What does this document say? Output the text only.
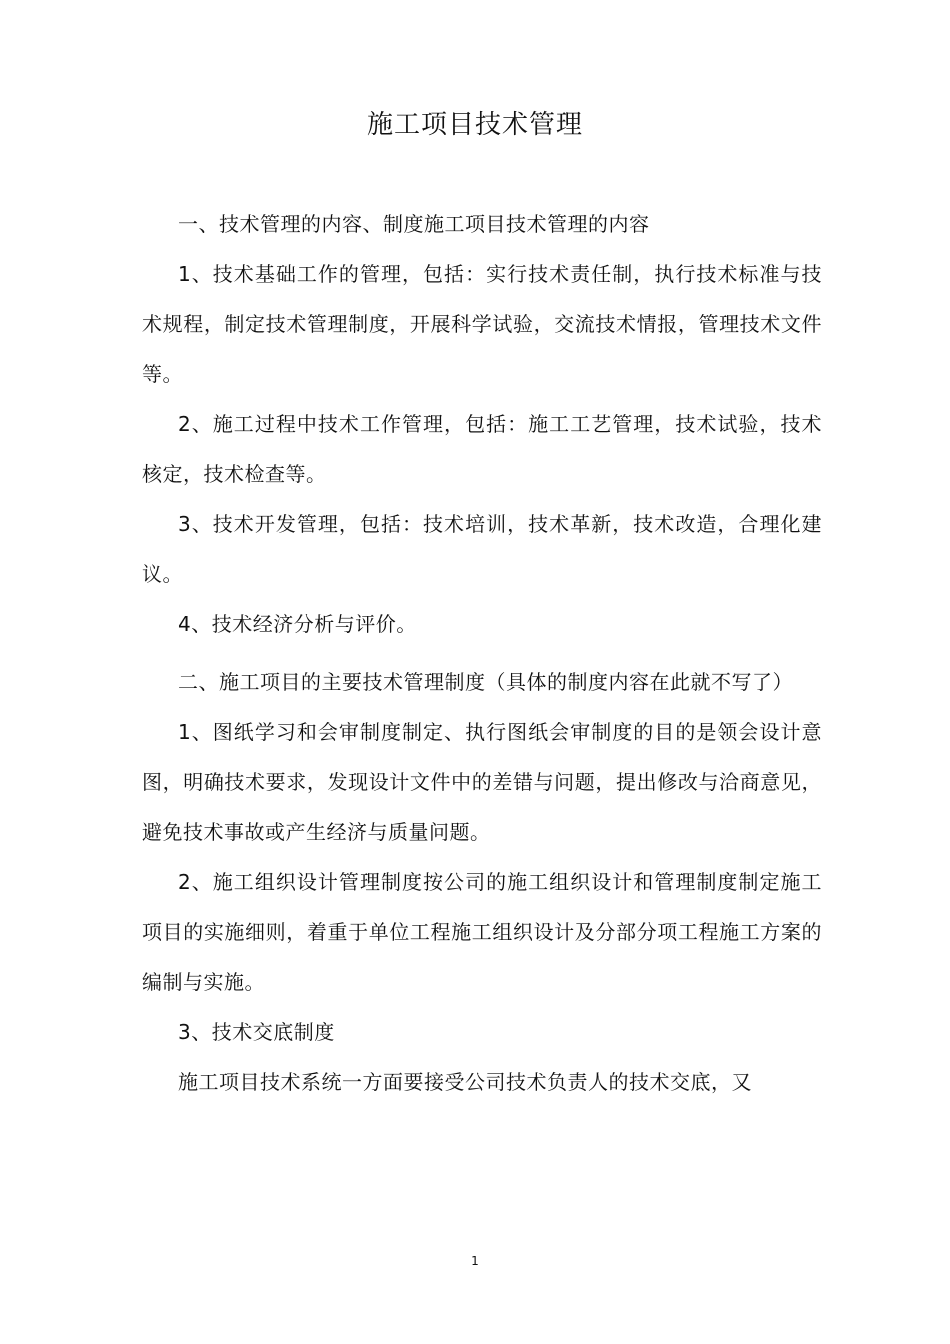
施工项目技术管理

一、技术管理的内容、制度施工项目技术管理的内容

1、技术基础工作的管理，包括：实行技术责任制，执行技术标准与技术规程，制定技术管理制度，开展科学试验，交流技术情报，管理技术文件等。

2、施工过程中技术工作管理，包括：施工工艺管理，技术试验，技术核定，技术检查等。

3、技术开发管理，包括：技术培训，技术革新，技术改造，合理化建议。

4、技术经济分析与评价。

二、施工项目的主要技术管理制度（具体的制度内容在此就不写了）

1、图纸学习和会审制度制定、执行图纸会审制度的目的是领会设计意图，明确技术要求，发现设计文件中的差错与问题，提出修改与洽商意见，避免技术事故或产生经济与质量问题。

2、施工组织设计管理制度按公司的施工组织设计和管理制度制定施工项目的实施细则，着重于单位工程施工组织设计及分部分项工程施工方案的编制与实施。

3、技术交底制度

施工项目技术系统一方面要接受公司技术负责人的技术交底，又

1
